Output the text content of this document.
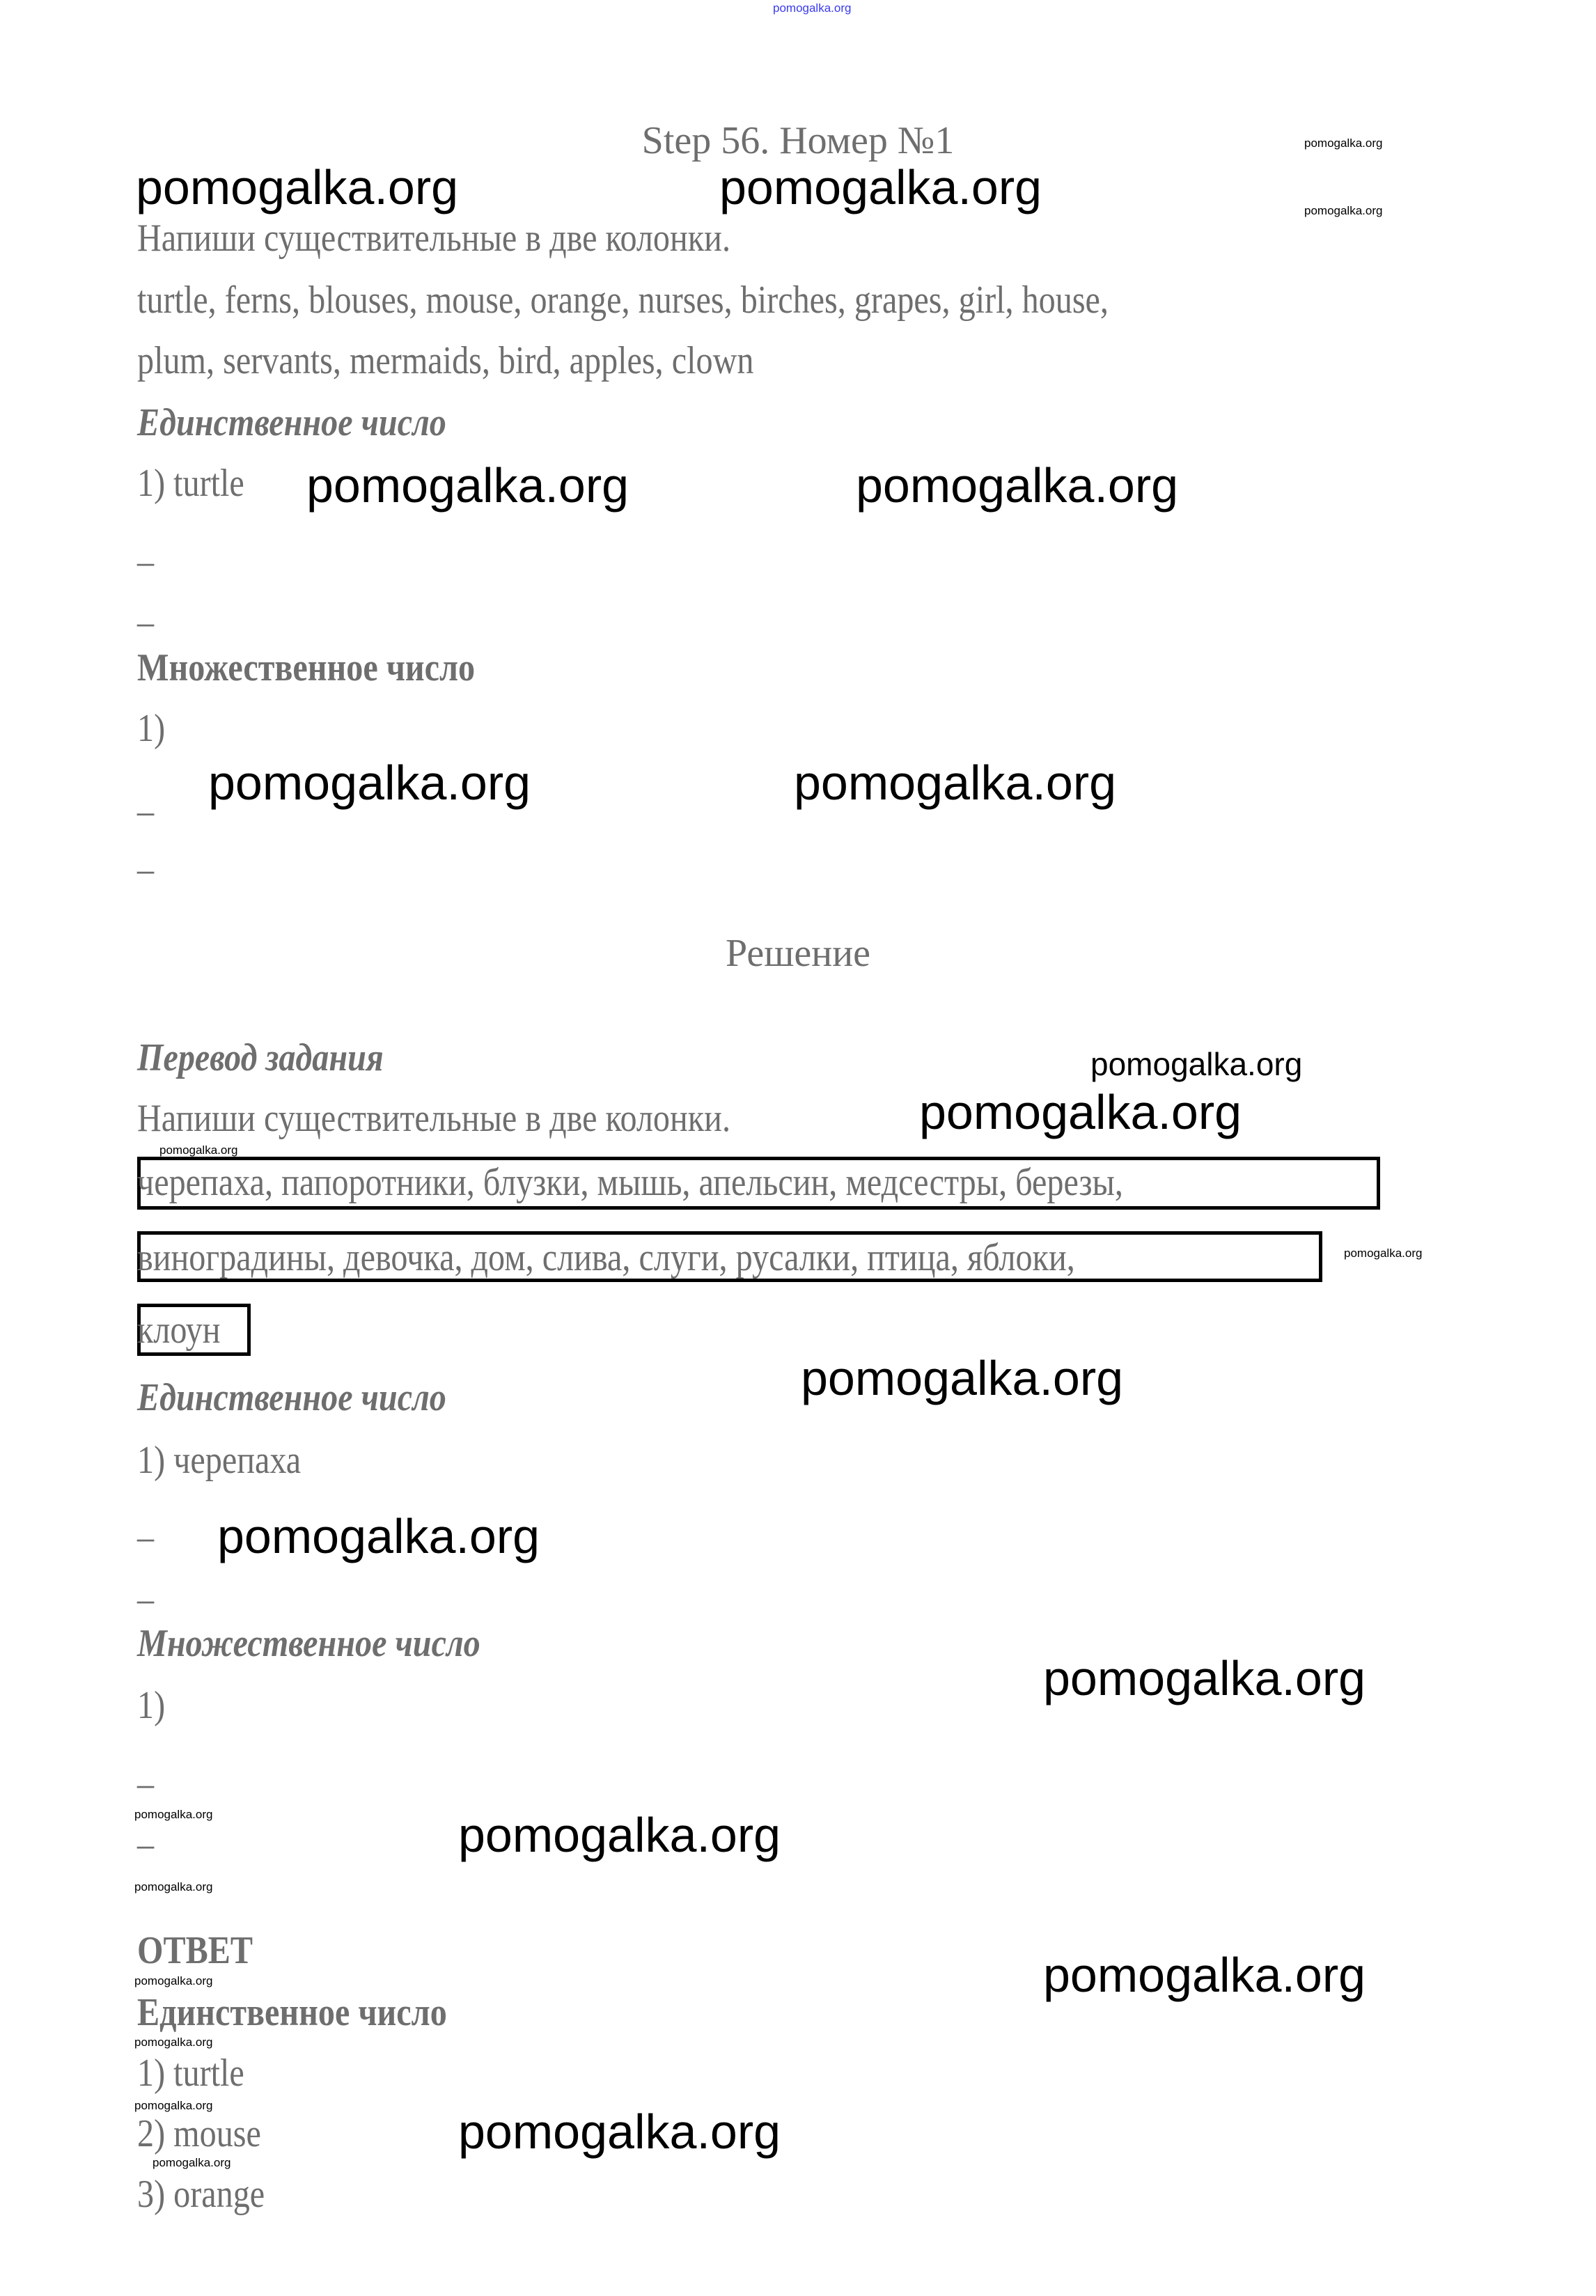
Step 56. Номер №1
Напиши существительные в две колонки.
turtle, ferns, blouses, mouse, orange, nurses, birches, grapes, girl, house,
plum, servants, mermaids, bird, apples, clown
Единственное число
1) turtle
–
–
Множественное число
1)
_
–
Решение
Перевод задания
Напиши существительные в две колонки.
черепаха, папоротники, блузки, мышь, апельсин, медсестры, березы,
виноградины, девочка, дом, слива, слуги, русалки, птица, яблоки,
клоун
Единственное число
1) черепаха
–
–
Множественное число
1)
–
–
ОТВЕТ
Единственное число
1) turtle
2) mouse
3) orange
pomogalka.org
pomogalka.org	pomogalka.org
pomogalka.org
pomogalka.org
pomogalka.org	pomogalka.org
pomogalka.org	pomogalka.org
pomogalka.org
pomogalka.org
pomogalka.org
pomogalka.org
pomogalka.org
pomogalka.org
pomogalka.org
pomogalka.org
pomogalka.org
pomogalka.org
pomogalka.org
pomogalka.org
pomogalka.org
pomogalka.org
pomogalka.org
pomogalka.org
